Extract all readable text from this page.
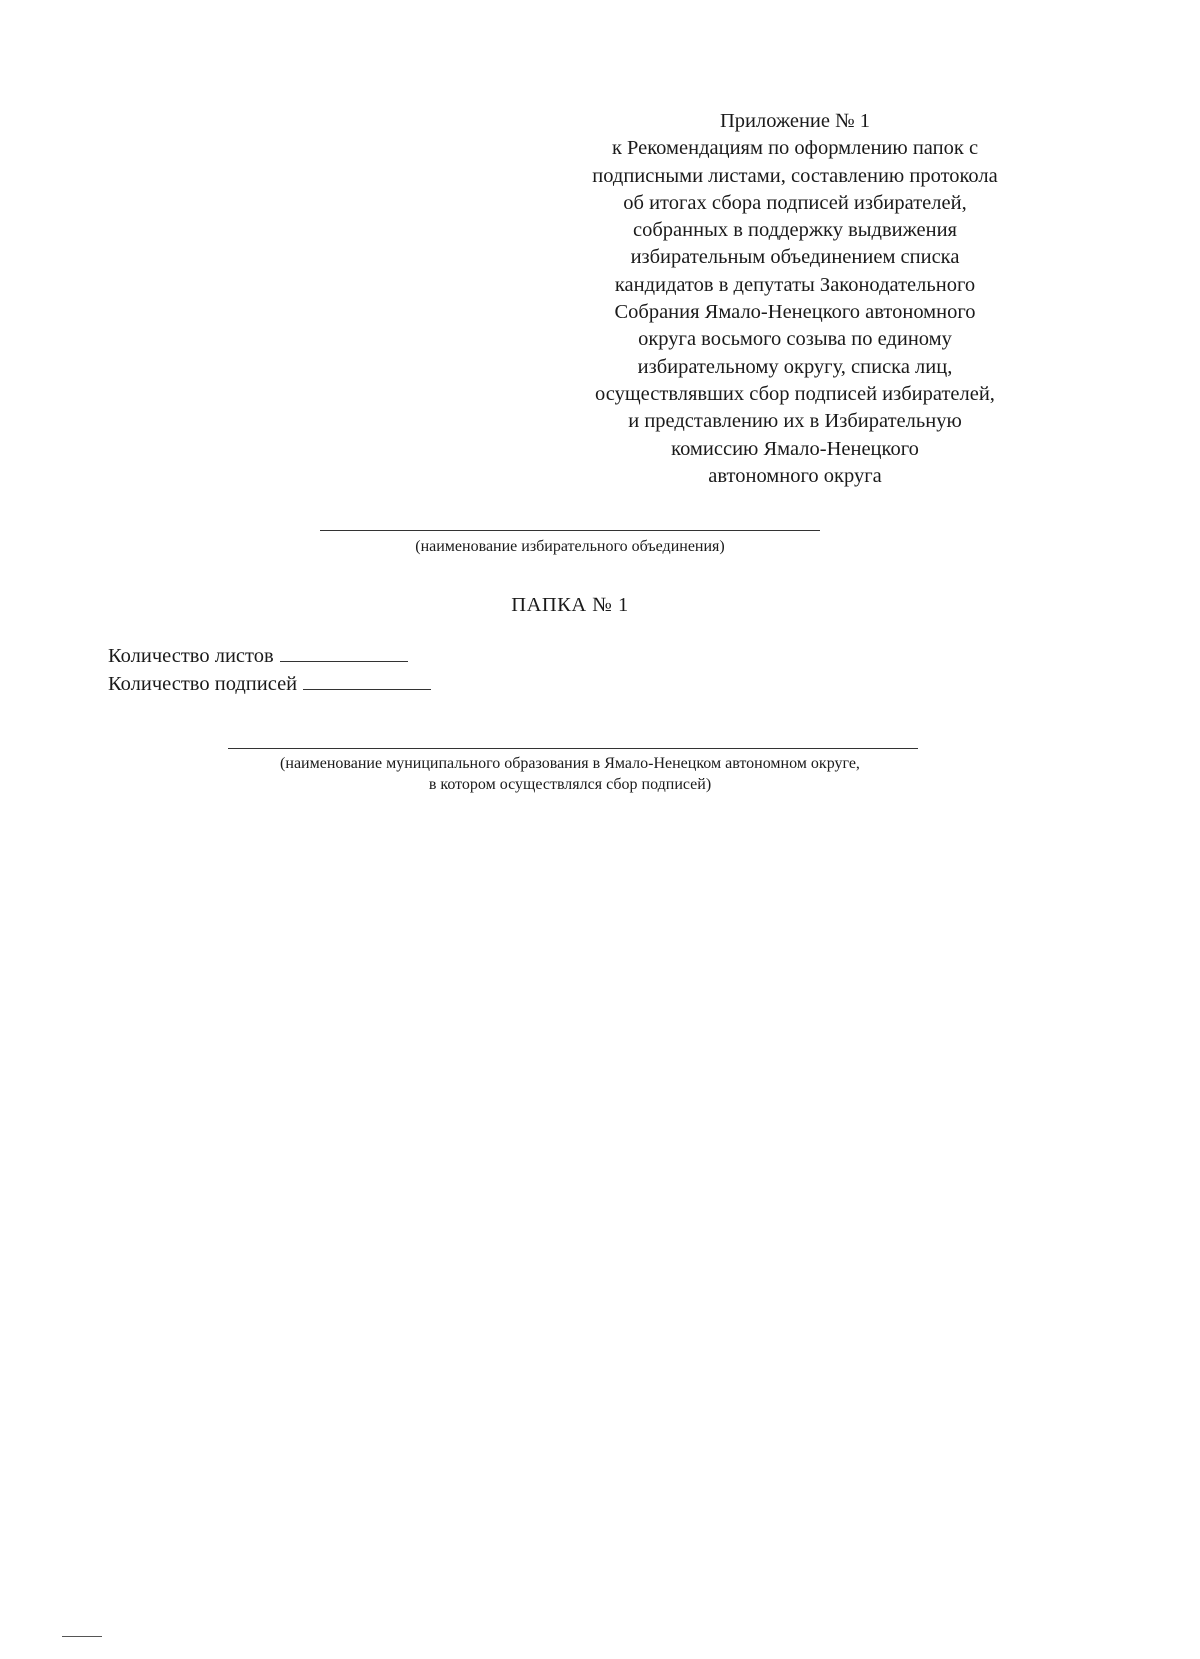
Приложение № 1
к Рекомендациям по оформлению папок с
подписными листами, составлению протокола
об итогах сбора подписей избирателей,
собранных в поддержку выдвижения
избирательным объединением списка
кандидатов в депутаты Законодательного
Собрания Ямало-Ненецкого автономного
округа восьмого созыва по единому
избирательному округу, списка лиц,
осуществлявших сбор подписей избирателей,
и представлению их в Избирательную
комиссию Ямало-Ненецкого
автономного округа
(наименование избирательного объединения)
ПАПКА № 1
Количество листов
Количество подписей
(наименование муниципального образования в Ямало-Ненецком автономном округе,
в котором осуществлялся сбор подписей)
